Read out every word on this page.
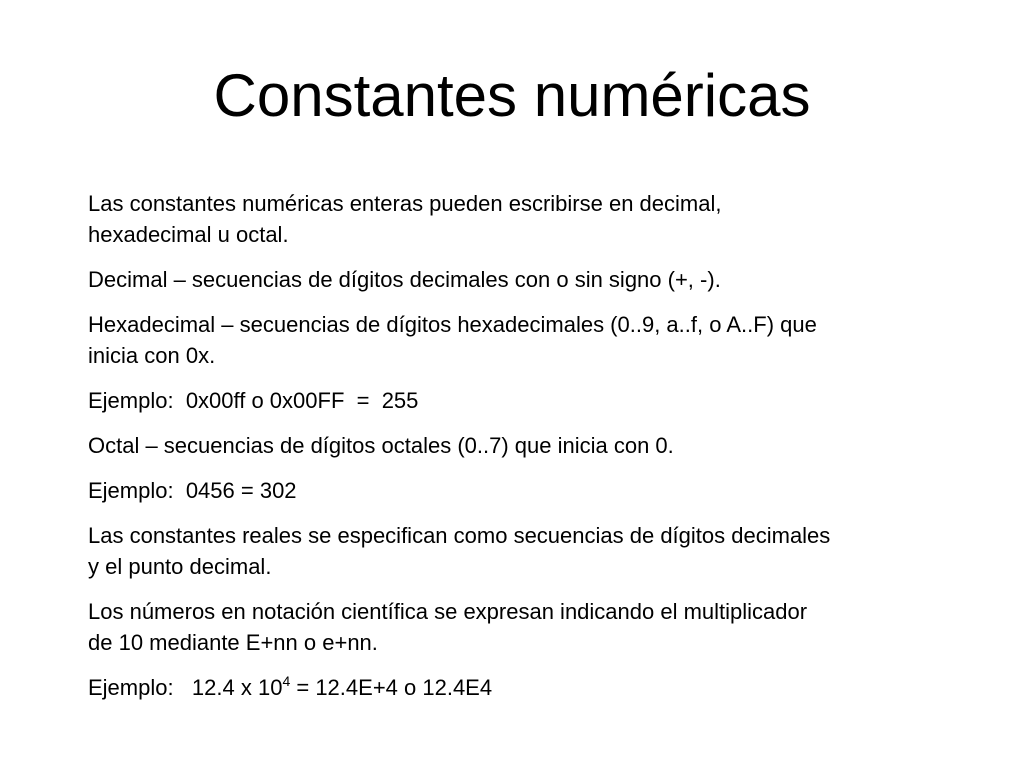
Constantes numéricas
Las constantes numéricas enteras pueden escribirse en decimal,
hexadecimal u octal.
Decimal – secuencias de dígitos decimales con o sin signo (+, -).
Hexadecimal – secuencias de dígitos hexadecimales (0..9, a..f, o A..F) que
inicia con 0x.
Ejemplo:  0x00ff o 0x00FF  =  255
Octal – secuencias de dígitos octales (0..7) que inicia con 0.
Ejemplo:  0456 = 302
Las constantes reales se especifican como secuencias de dígitos decimales
y el punto decimal.
Los números en notación científica se expresan indicando el multiplicador
de 10 mediante E+nn o e+nn.
Ejemplo:   12.4 x $10^4 = 12.4E+4$ o 12.4E4
